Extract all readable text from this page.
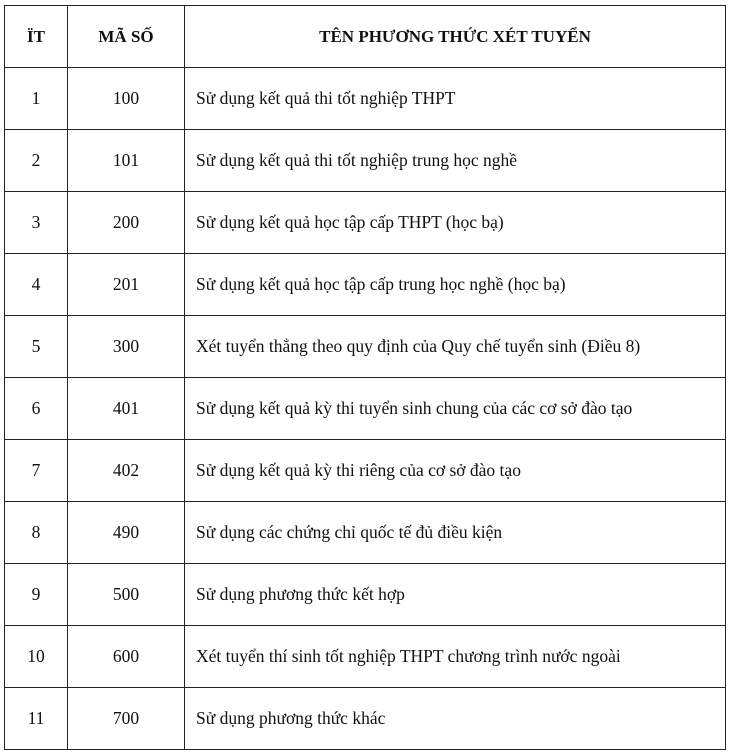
ΪT	MÃ SỐ	TÊN PHƯƠNG THỨC XÉT TUYỂN
1	100	Sử dụng kết quả thi tốt nghiệp THPT
2	101	Sử dụng kết quả thi tốt nghiệp trung học nghề
3	200	Sử dụng kết quả học tập cấp THPT (học bạ)
4	201	Sử dụng kết quả học tập cấp trung học nghề (học bạ)
5	300	Xét tuyển thẳng theo quy định của Quy chế tuyển sinh (Điều 8)
6	401	Sử dụng kết quả kỳ thi tuyển sinh chung của các cơ sở đào tạo
7	402	Sử dụng kết quả kỳ thi riêng của cơ sở đào tạo
8	490	Sử dụng các chứng chỉ quốc tế đủ điều kiện
9	500	Sử dụng phương thức kết hợp
10	600	Xét tuyển thí sinh tốt nghiệp THPT chương trình nước ngoài
11	700	Sử dụng phương thức khác
